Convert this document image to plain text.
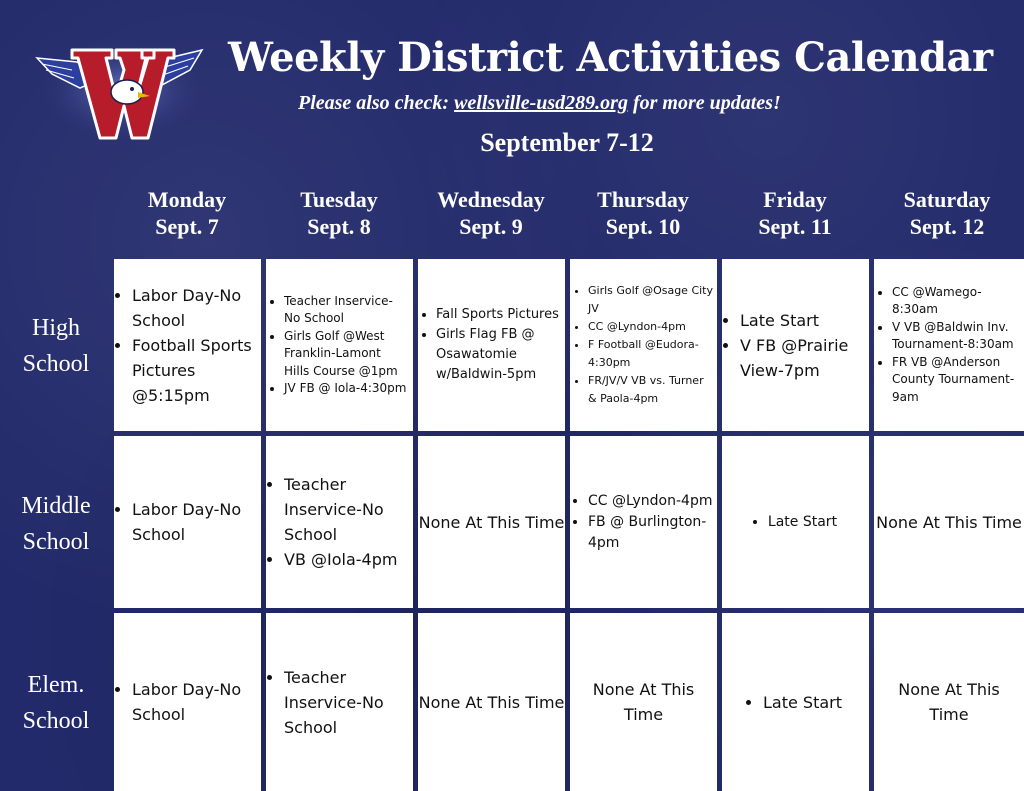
Weekly District Activities Calendar
Please also check: wellsville-usd289.org for more updates!
September 7-12
Monday
Sept. 7
Tuesday
Sept. 8
Wednesday
Sept. 9
Thursday
Sept. 10
Friday
Sept. 11
Saturday
Sept. 12
High
School
Middle
School
Elem.
School
• Labor Day-No School
• Football Sports Pictures @5:15pm
• Teacher Inservice-No School
• Girls Golf @West Franklin-Lamont Hills Course @1pm
• JV FB @ Iola-4:30pm
• Fall Sports Pictures
• Girls Flag FB @ Osawatomie w/Baldwin-5pm
• Girls Golf @Osage City JV
• CC @Lyndon-4pm
• F Football @Eudora-4:30pm
• FR/JV/V VB vs. Turner & Paola-4pm
• Late Start
• V FB @Prairie View-7pm
• CC @Wamego-8:30am
• V VB @Baldwin Inv. Tournament-8:30am
• FR VB @Anderson County Tournament-9am
• Labor Day-No School
• Teacher Inservice-No School
• VB @Iola-4pm
None At This Time
• CC @Lyndon-4pm
• FB @ Burlington-4pm
• Late Start None At This Time
• Labor Day-No School
• Teacher Inservice-No School
None At This Time
None At This Time
• Late Start
None At This Time
